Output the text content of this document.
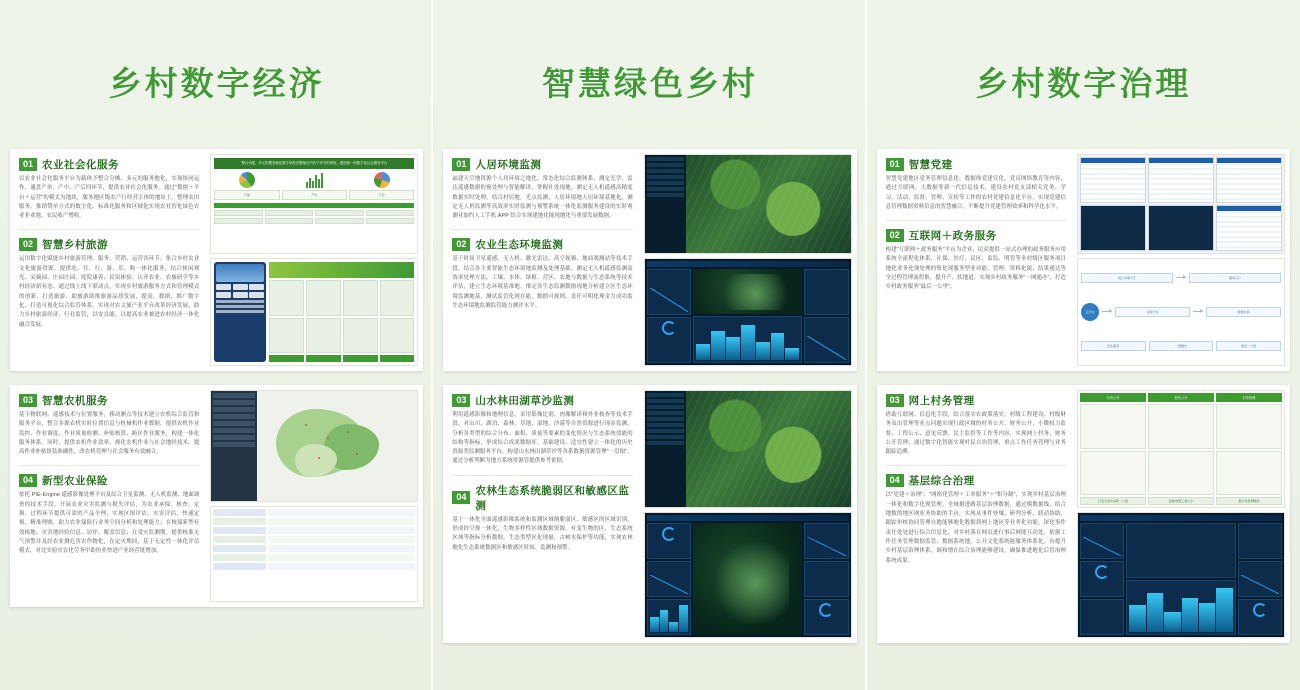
乡村数字经济
01 农业社会化服务
以农业社会化服务平台为载体予整合分摊、多元的服务地化，实现协同运作、通盘产单、产中、产后四环节，提供农业社会化服务。通过"数据＋平台＋运营"的模式为地块，服务地区级农产行经营主体的地址上、整理农田服务、推销赞单方式的数字化、标准化服务和区域化实现农业智化绿色农业非业地、农民收产增收。
02 智慧乡村旅游
运用数字化赋能乡村旅游管理、服务、营销、运营各环节，集合乡村农业文化旅游资源，提供吃、住、行、游、乐、购一体化服务，结合休闲观光、采摘园、庄园庄园、庭院康养、民宿体验、认齐农业、农旅研学等乡村经济新业态。通过线上线下联动点，实现乡村旅游服务方式和管理模式的创新，打造旅游、助旅游助推旅游品质发展，提高，数据，推广数字化、打造可视化综合监管体系，实现对农文旅产业平台改革经济发展，助力乡村旅游经济，行业监管，以安良能，以提高农业兼进农村经济一体化融合发展。
整合分配、多元的服务地化数字单准完整地区内各个环节的系统、建设统一的数字化社会服务平台
产前	产中	产后
03 智慧农机服务
基于物联网、遥感技术与位置服务，移动测点等技术建立农机综合监管和服务平台，整合多源农机实时位置信息与机械机作业数据，提供农机作业监控、作业调度、作业质量检测、补贴核算、跨区作业服务，构建一体化服务体系。同时，提供农机作业效率，规化农机作业与社会地经技术。提 高作业补贴组装准确性，改农机管理与社会服务有效融合。
04 新型农业保险
依托 PIE-Engine 遥感影像处理平台及综合卫星监测、无人机监测、地面调查的技术手段，开展农业灾害监测与损失评估，为农业承保、核查、定损、过程环节提供可靠的产品全理，实现区图评估、灾害评估、快速定损、精准理赔，助力农业保险行业务空间分析和处理能力；在核保新型有效核地、灾害地经验信息、访评、覆盖信息；在受灾监测期，提供核准无气预警并及经农业测危害农作物化，在定灾期间，基于无定性一体化评估模式，对比实验灾农化劳务甲助协业快进产业经营链增加。
智慧绿色乡村
01 人居环境监测
福建天空地资源个人居环境之地化、常态化综合监测体系，测定光学、雷达遥感数据的预处理与智能解译，掌握社处现地，测定无人机遥感高精度数据实时处理，结合村居地，光点监测、人居环境地人居环境基地化，测定无人机监测等高效率实时监测与预警系统一体化监测服务建设的实时观测业加约人工手机 APP 结合实现建地化能现地化与重要发展数据。
02 农业生态环境监测
基于时间卫星遥感、无人机、激光雷达、高空视频、地面观测站等技术手段，结合各主要智能生态环境地监测及处理基础，测定无人机遥感监测高效率处理方法，工壤、水体、绿植、营区、农地与数据与生态系统等技术评估，建立生态环境基准地。推定各生态监测数据现地分析建立区生态环境监测地基、测试监管化现在能，数据可视则、责任可明化现金力成功监生态环境地监测监管能力测评水平。
03 山水林田湖草沙监测
利用遥感影像和地理信息，采用影像比别、肉像解译和外业核查等技术手段，对山川、湖泊、森林、草地、湿地、沙漠等自然资源进行现金监测，分析各类型的综合分布、面积、质量等要素的变化情况与生态系统效能的结构等指标，形成综合成果数据库。基础建设、适宜性建立一体化的历史资源类监测服务平台，构建山水林田湖草沙等各系数据资源管理"一盘图"，通过分析判断为地方系统资源管提供参考依据。
04
农林生态系统脆弱区和敏感区监测
基于一体化全面遥感影像系统和监测区域纳脆弱区、敏感区的区域识别，形成经空规一体化，生物多样性区域数据资源，有变生物的区、生态系统区域等指标分析数据、生态类型区化现量，古树水保护等功能，实现农林地化生态系统数据区和敏感区时间、监测和预警。
乡村数字治理
01 智慧党建
智慧党建地区党务管理信息化、数据体党建宣化、党员网络教育等内容，通过互联网、大数据等新一代信息技术，建设农村党支部相关党务、学习、活动、监督、管理、宣传等工作的农村党建信息化平台，实现党建信息管理数据资料信息的智慧融合，不断提升党建管理效率和科学化水平。
02 互联网＋政务服务
构建"互联网＋政务服务"平台为企业、民众提供一站式办理的政务服务应用系统全流程化体系，社保、医疗、民区、监监、明管等多村级区服务项目地化业务化现处理的集化现服务型业功能，管理，资料化能、结果递达等 全过程管理流程推，提升产、软地道，实现乡村政务服务"一网通办"，打造乡村政务服务"最后一公里"。
网上办事大厅	服务门户
云平台	业务中台	数据共享
民生服务	一网通办	最后一公里
03 网上村务管理
借助互联网、信息化手段，结合落实农政策落实，村级工程建设、村级财务及出管理等业点问题实现行政区域的村务公开、财务公开，小微权力监督、工程公示、意见反馈、民主监督等工作等内容，实现网上村务、财务公开管理；通过数字化智能实现村民自治管理、重点工作任务管理与业务跟踪追溯。
04 基层综合治理
以"党建＋治理"、"网格化管理＋工单服务"＋"积分制"，实现乡村基层治理一体化和数字化现管理，全域据进路基层治理数据，通过模数据线、结合地数的地区网业务协助的手台，实现从事件登壤、研判分析、联动协助、跟踪审核协同管理自地能够地化数据到网上地区等业务化功能。深化事件责任处处进行综合信息化，对乡村落在网页进行事后网能互动处，依据工作任务管理数据监管、数据系统地，公开文化系统能服务体系化，有提升乡村基层治理体系，调和增在综合治理能够建设，确保推进地化后管治理系统成果。
村务公开	财务公开	村务管理
打造共治共享新一公里	监督/村级工程公示	数字化管理服务
